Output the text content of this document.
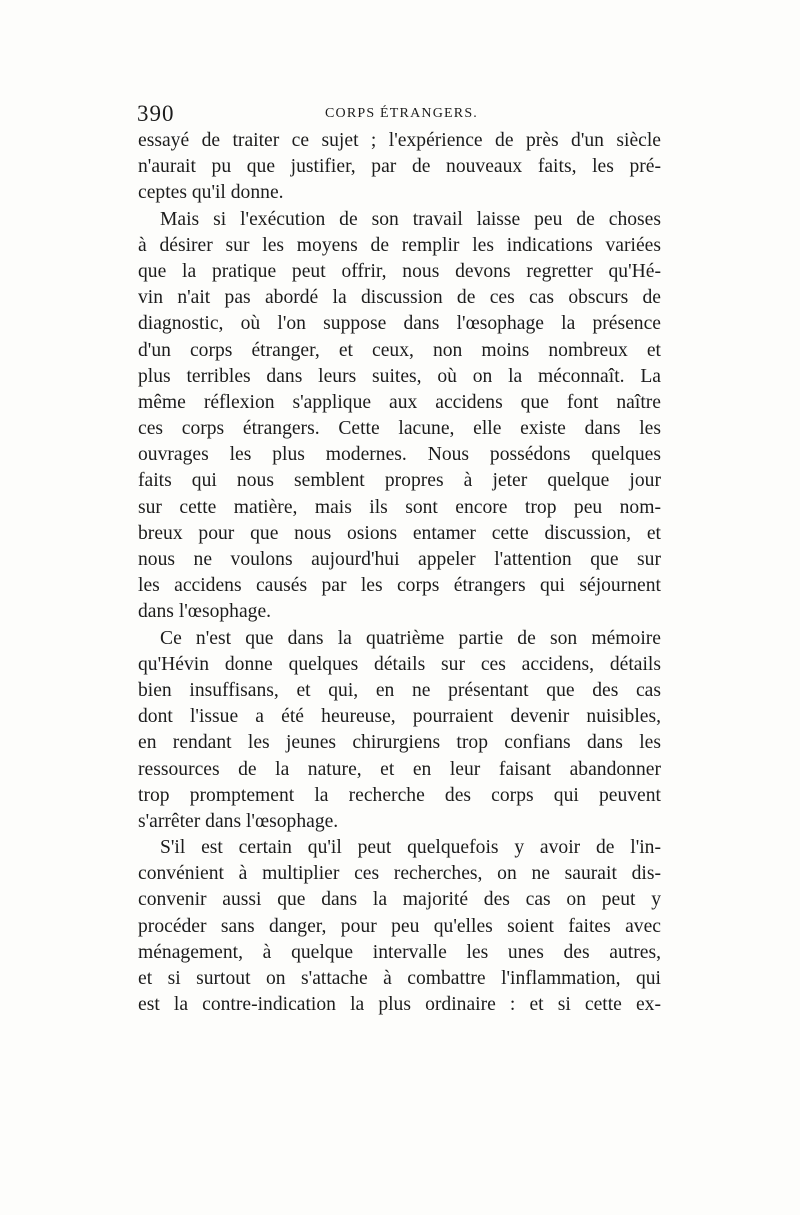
390	CORPS ÉTRANGERS.
essayé de traiter ce sujet ; l'expérience de près d'un siècle
n'aurait pu que justifier, par de nouveaux faits, les pré-
ceptes qu'il donne.
Mais si l'exécution de son travail laisse peu de choses
à désirer sur les moyens de remplir les indications variées
que la pratique peut offrir, nous devons regretter qu'Hé-
vin n'ait pas abordé la discussion de ces cas obscurs de
diagnostic, où l'on suppose dans l'œsophage la présence
d'un corps étranger, et ceux, non moins nombreux et
plus terribles dans leurs suites, où on la méconnaît. La
même réflexion s'applique aux accidens que font naître
ces corps étrangers. Cette lacune, elle existe dans les
ouvrages les plus modernes. Nous possédons quelques
faits qui nous semblent propres à jeter quelque jour
sur cette matière, mais ils sont encore trop peu nom-
breux pour que nous osions entamer cette discussion, et
nous ne voulons aujourd'hui appeler l'attention que sur
les accidens causés par les corps étrangers qui séjournent
dans l'œsophage.
Ce n'est que dans la quatrième partie de son mémoire
qu'Hévin donne quelques détails sur ces accidens, détails
bien insuffisans, et qui, en ne présentant que des cas
dont l'issue a été heureuse, pourraient devenir nuisibles,
en rendant les jeunes chirurgiens trop confians dans les
ressources de la nature, et en leur faisant abandonner
trop promptement la recherche des corps qui peuvent
s'arrêter dans l'œsophage.
S'il est certain qu'il peut quelquefois y avoir de l'in-
convénient à multiplier ces recherches, on ne saurait dis-
convenir aussi que dans la majorité des cas on peut y
procéder sans danger, pour peu qu'elles soient faites avec
ménagement, à quelque intervalle les unes des autres,
et si surtout on s'attache à combattre l'inflammation, qui
est la contre-indication la plus ordinaire : et si cette ex-
